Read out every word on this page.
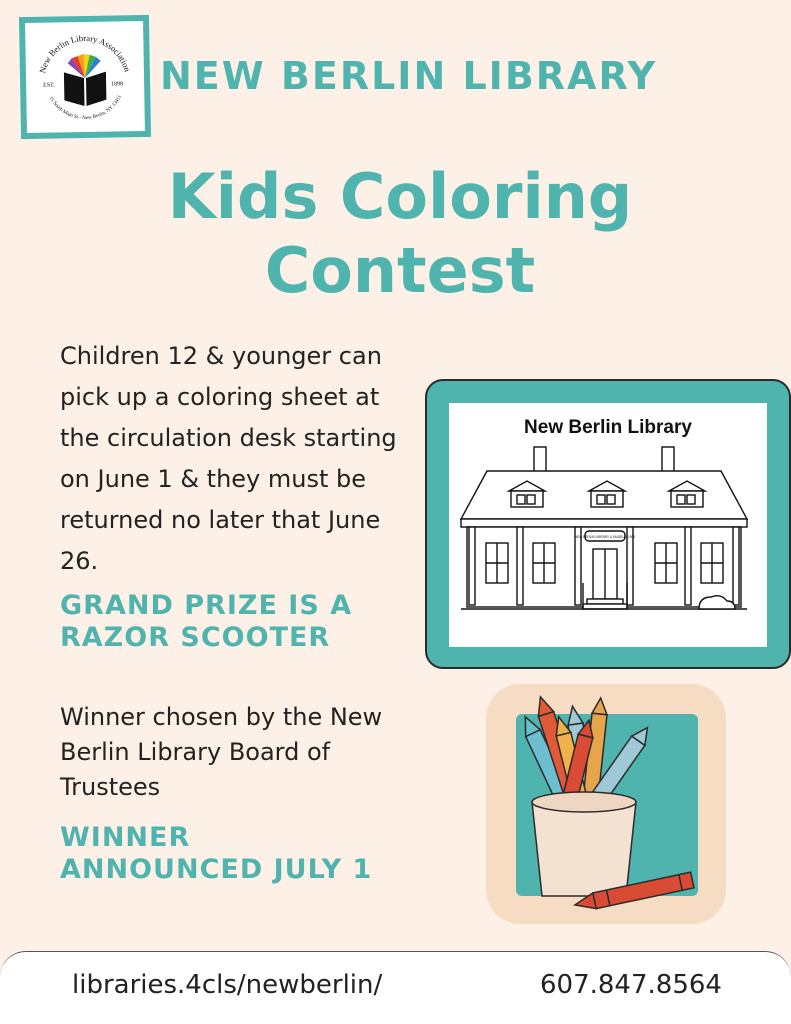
New Berlin Library Association
15 South Main St - New Berlin, NY 13411
EST.	1898 NEW BERLIN LIBRARY
Kids Coloring
Contest
Children 12 & younger can pick up a coloring sheet at the circulation desk starting on June 1 & they must be returned no later that June 26.
GRAND PRIZE IS A RAZOR SCOOTER
Winner chosen by the New Berlin Library Board of Trustees
WINNER ANNOUNCED JULY 1
New Berlin Library
NEW BERLIN LIBRARY & MUSEUM 1900
libraries.4cls/newberlin/	607.847.8564
